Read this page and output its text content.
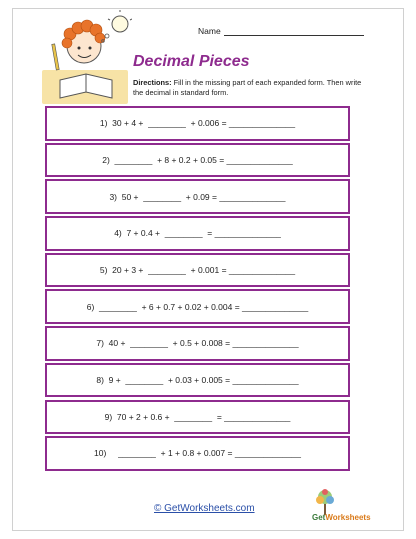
Name
Decimal Pieces

Directions: Fill in the missing part of each expanded form. Then write the decimal in standard form.

1)  30 + 4 +  ________  + 0.006 = ______________
2)  ________  + 8 + 0.2 + 0.05 = ______________
3)  50 +  ________  + 0.09 = ______________
4)  7 + 0.4 +  ________  = ______________
5)  20 + 3 +  ________  + 0.001 = ______________
6)  ________  + 6 + 0.7 + 0.02 + 0.004 = ______________
7)  40 +  ________  + 0.5 + 0.008 = ______________
8)  9 +  ________  + 0.03 + 0.005 = ______________
9)  70 + 2 + 0.6 +  ________  = ______________
10)     ________  + 1 + 0.8 + 0.007 = ______________
© GetWorksheets.com
GetWorksheets
